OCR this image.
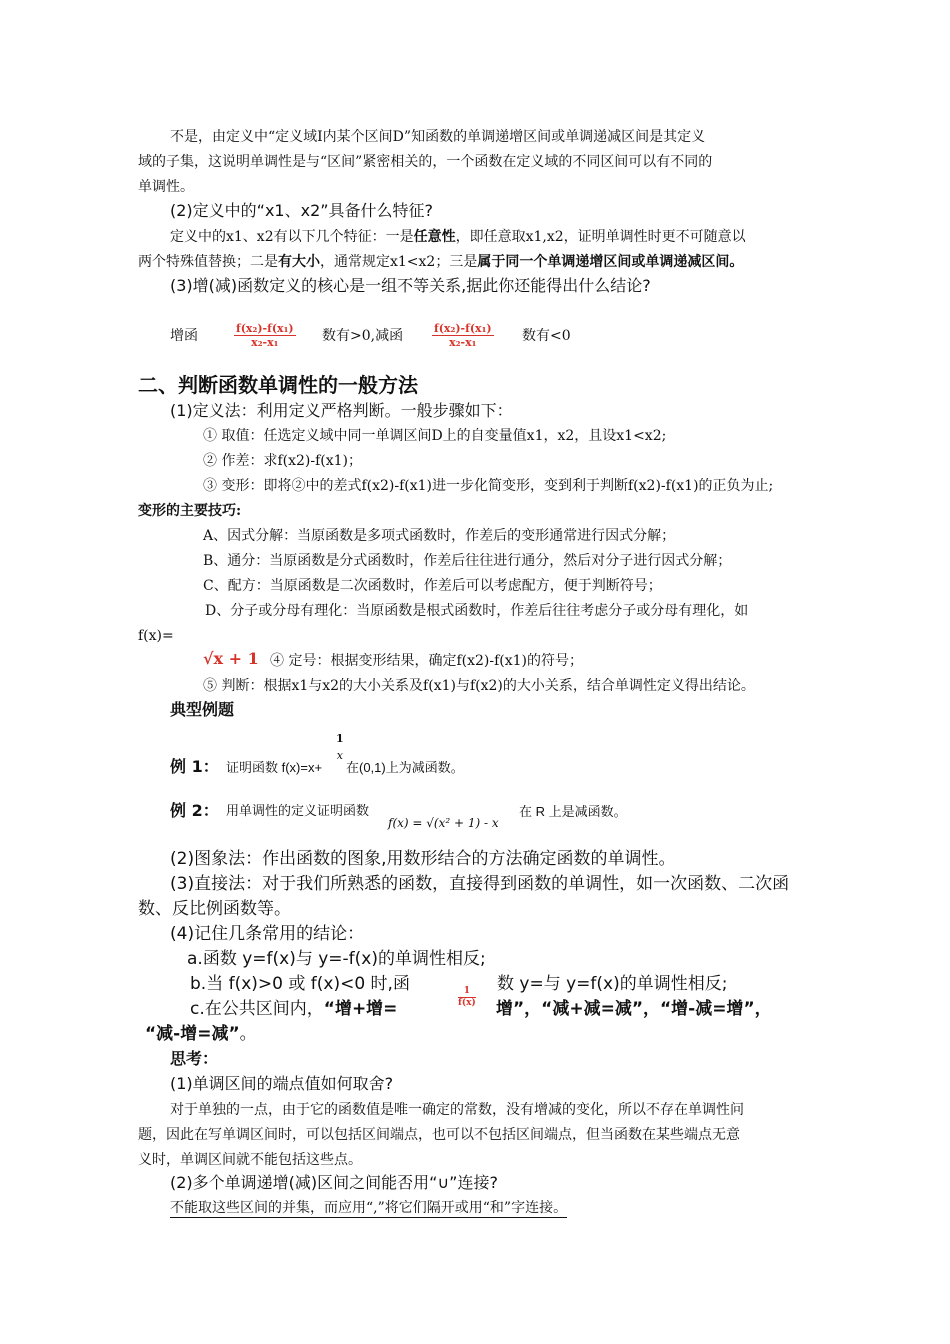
不是，由定义中“定义域I内某个区间D”知函数的单调递增区间或单调递减区间是其定义
域的子集，这说明单调性是与“区间”紧密相关的，一个函数在定义域的不同区间可以有不同的
单调性。
(2)定义中的“x1、x2”具备什么特征?
定义中的x1、x2有以下几个特征：一是任意性，即任意取x1,x2，证明单调性时更不可随意以
两个特殊值替换；二是有大小，通常规定x1<x2；三是属于同一个单调递增区间或单调递减区间。
(3)增(减)函数定义的核心是一组不等关系,据此你还能得出什么结论?
增函	$\frac{\text{f(x₂)-f(x₁)}}{\text{x₂-x₁}}$ 数有>0,减函	$\frac{\text{f(x₂)-f(x₁)}}{\text{x₂-x₁}}$ 数有<0
二、判断函数单调性的一般方法
(1)定义法：利用定义严格判断。一般步骤如下：
① 取值：任选定义域中同一单调区间D上的自变量值x1，x2，且设x1<x2;
② 作差：求f(x2)-f(x1)；
③ 变形：即将②中的差式f(x2)-f(x1)进一步化简变形，变到利于判断f(x2)-f(x1)的正负为止;
变形的主要技巧:
A、因式分解：当原函数是多项式函数时，作差后的变形通常进行因式分解；
B、通分：当原函数是分式函数时，作差后往往进行通分，然后对分子进行因式分解；
C、配方：当原函数是二次函数时，作差后可以考虑配方，便于判断符号；
D、分子或分母有理化：当原函数是根式函数时，作差后往往考虑分子或分母有理化，如
f(x)=
√x + 1 ④ 定号：根据变形结果，确定f(x2)-f(x1)的符号；
⑤ 判断：根据x1与x2的大小关系及f(x1)与f(x2)的大小关系，结合单调性定义得出结论。
典型例题
例 1： 证明函数 f(x)=x+
1
x
在(0,1)上为减函数。
例 2： 用单调性的定义证明函数
f(x) = √(x² + 1) - x
在 R 上是减函数。
(2)图象法：作出函数的图象,用数形结合的方法确定函数的单调性。
(3)直接法：对于我们所熟悉的函数，直接得到函数的单调性，如一次函数、二次函
数、反比例函数等。
(4)记住几条常用的结论：
a.函数 y=f(x)与 y=-f(x)的单调性相反;
b.当 f(x)>0 或 f(x)<0 时,函
$\frac{1}{f(x)}$
数 y=与 y=f(x)的单调性相反;
c.在公共区间内，“增+增=	增”，“减+减=减”，“增-减=增”，
“减-增=减”。
思考：
(1)单调区间的端点值如何取舍?
对于单独的一点，由于它的函数值是唯一确定的常数，没有增减的变化，所以不存在单调性问
题，因此在写单调区间时，可以包括区间端点，也可以不包括区间端点，但当函数在某些端点无意
义时，单调区间就不能包括这些点。
(2)多个单调递增(减)区间之间能否用“∪”连接?
不能取这些区间的并集，而应用“,”将它们隔开或用“和”字连接。
